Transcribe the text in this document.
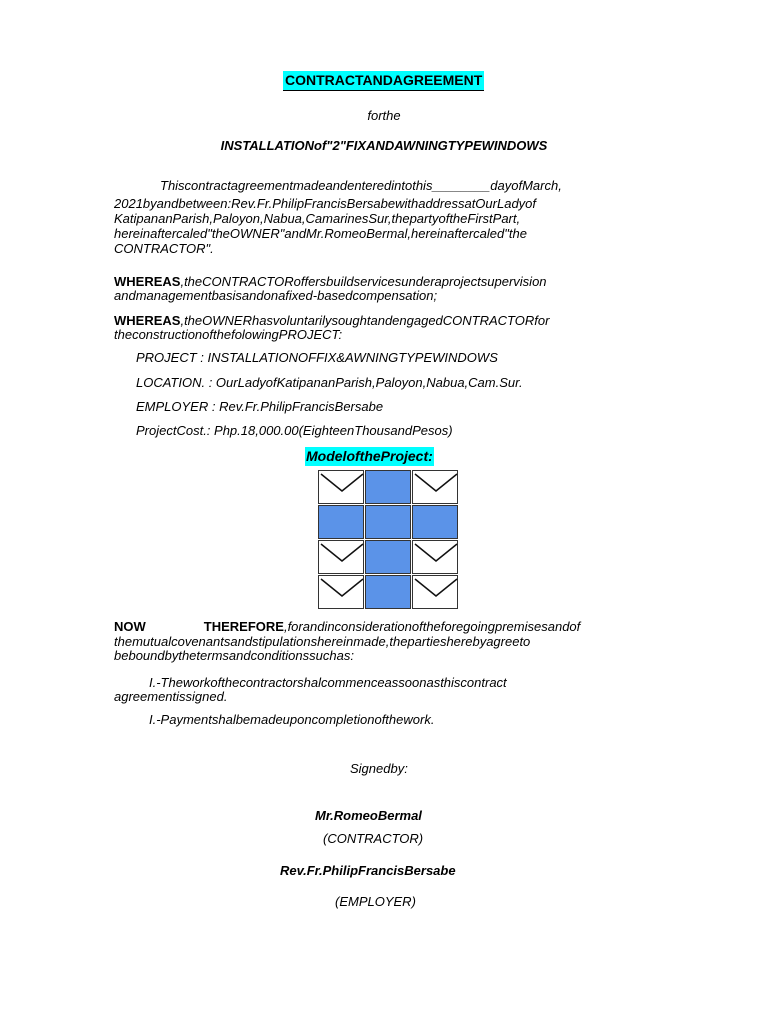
CONTRACTANDAGREEMENT
forthe
INSTALLATIONof"2"FIXANDAWNINGTYPEWINDOWS
Thiscontractagreementmadeandenteredintothis________dayofMarch,
2021byandbetween:Rev.Fr.PhilipFrancisBersabewithaddressatOurLadyof
KatipananParish,Paloyon,Nabua,CamarinesSur,thepartyoftheFirstPart,
hereinaftercaled"theOWNER"andMr.RomeoBermal,hereinaftercaled"the
CONTRACTOR".
WHEREAS,theCONTRACTORoffersbuildservicesunderaprojectsupervision
andmanagementbasisandonafixed-basedcompensation;
WHEREAS,theOWNERhasvoluntarilysoughtandengagedCONTRACTORfor
theconstructionofthefolowingPROJECT:
PROJECT : INSTALLATIONOFFIX&AWNINGTYPEWINDOWS
LOCATION. : OurLadyofKatipananParish,Paloyon,Nabua,Cam.Sur.
EMPLOYER : Rev.Fr.PhilipFrancisBersabe
ProjectCost.: Php.18,000.00(EighteenThousandPesos)
ModeloftheProject:
NOW	THEREFORE,forandinconsiderationoftheforegoingpremisesandof
themutualcovenantsandstipulationshereinmade,thepartiesherebyagreeto
beboundbythetermsandconditionssuchas:
I.-Theworkofthecontractorshalcommenceassoonasthiscontract
agreementissigned.
I.-Paymentshalbemadeuponcompletionofthework.
Signedby:
Mr.RomeoBermal
(CONTRACTOR)
Rev.Fr.PhilipFrancisBersabe
(EMPLOYER)
